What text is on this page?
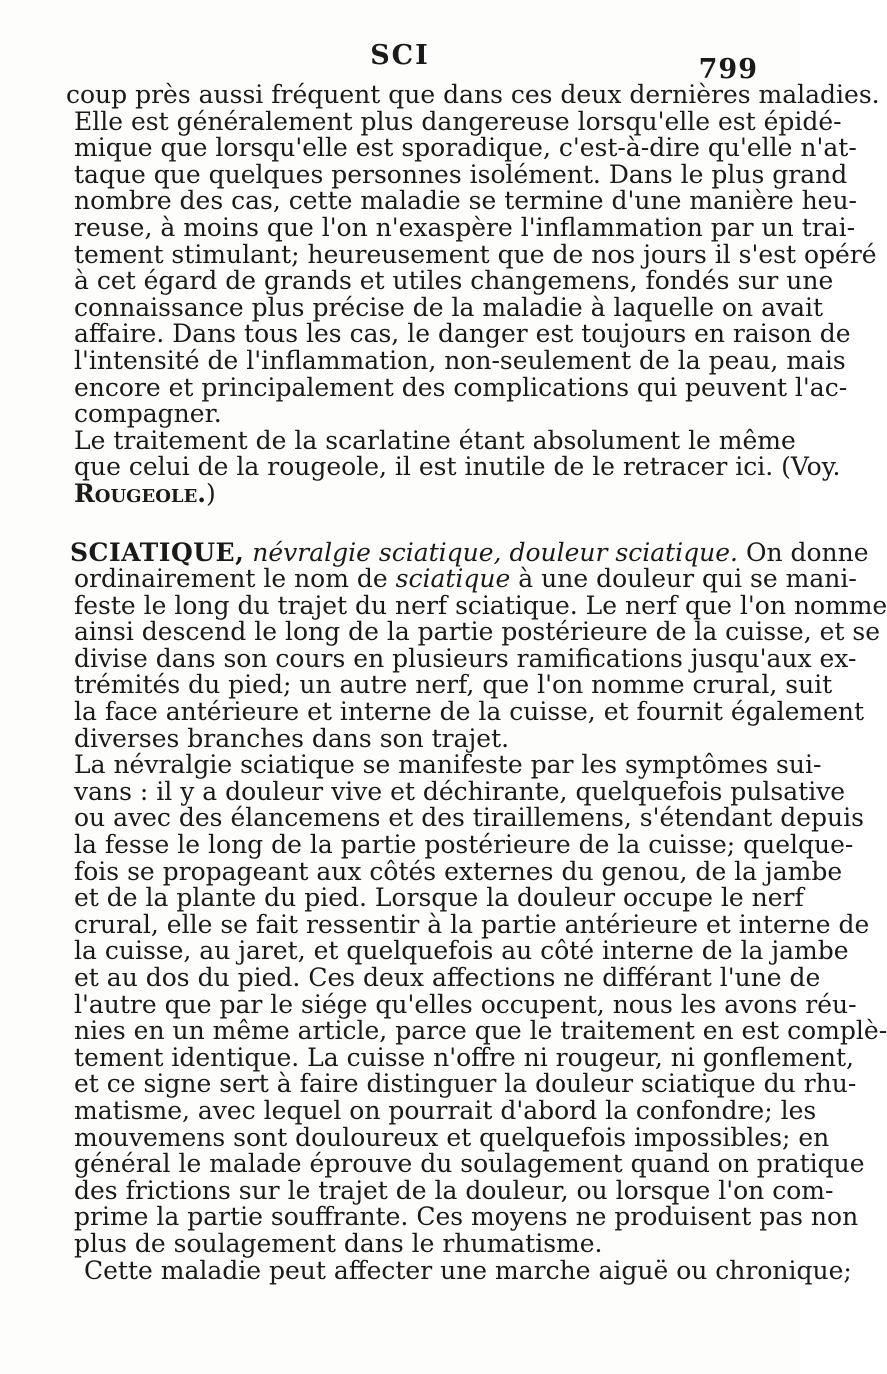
SCI	799
coup près aussi fréquent que dans ces deux dernières maladies.
Elle est généralement plus dangereuse lorsqu'elle est épidé-
mique que lorsqu'elle est sporadique, c'est-à-dire qu'elle n'at-
taque que quelques personnes isolément. Dans le plus grand
nombre des cas, cette maladie se termine d'une manière heu-
reuse, à moins que l'on n'exaspère l'inflammation par un trai-
tement stimulant; heureusement que de nos jours il s'est opéré
à cet égard de grands et utiles changemens, fondés sur une
connaissance plus précise de la maladie à laquelle on avait
affaire. Dans tous les cas, le danger est toujours en raison de
l'intensité de l'inflammation, non-seulement de la peau, mais
encore et principalement des complications qui peuvent l'ac-
compagner.
Le traitement de la scarlatine étant absolument le même
que celui de la rougeole, il est inutile de le retracer ici. (Voy.
Rougeole.)
SCIATIQUE, névralgie sciatique, douleur sciatique. On donne
ordinairement le nom de sciatique à une douleur qui se mani-
feste le long du trajet du nerf sciatique. Le nerf que l'on nomme
ainsi descend le long de la partie postérieure de la cuisse, et se
divise dans son cours en plusieurs ramifications jusqu'aux ex-
trémités du pied; un autre nerf, que l'on nomme crural, suit
la face antérieure et interne de la cuisse, et fournit également
diverses branches dans son trajet.
La névralgie sciatique se manifeste par les symptômes sui-
vans : il y a douleur vive et déchirante, quelquefois pulsative
ou avec des élancemens et des tiraillemens, s'étendant depuis
la fesse le long de la partie postérieure de la cuisse; quelque-
fois se propageant aux côtés externes du genou, de la jambe
et de la plante du pied. Lorsque la douleur occupe le nerf
crural, elle se fait ressentir à la partie antérieure et interne de
la cuisse, au jaret, et quelquefois au côté interne de la jambe
et au dos du pied. Ces deux affections ne différant l'une de
l'autre que par le siége qu'elles occupent, nous les avons réu-
nies en un même article, parce que le traitement en est complè-
tement identique. La cuisse n'offre ni rougeur, ni gonflement,
et ce signe sert à faire distinguer la douleur sciatique du rhu-
matisme, avec lequel on pourrait d'abord la confondre; les
mouvemens sont douloureux et quelquefois impossibles; en
général le malade éprouve du soulagement quand on pratique
des frictions sur le trajet de la douleur, ou lorsque l'on com-
prime la partie souffrante. Ces moyens ne produisent pas non
plus de soulagement dans le rhumatisme.
Cette maladie peut affecter une marche aiguë ou chronique;
